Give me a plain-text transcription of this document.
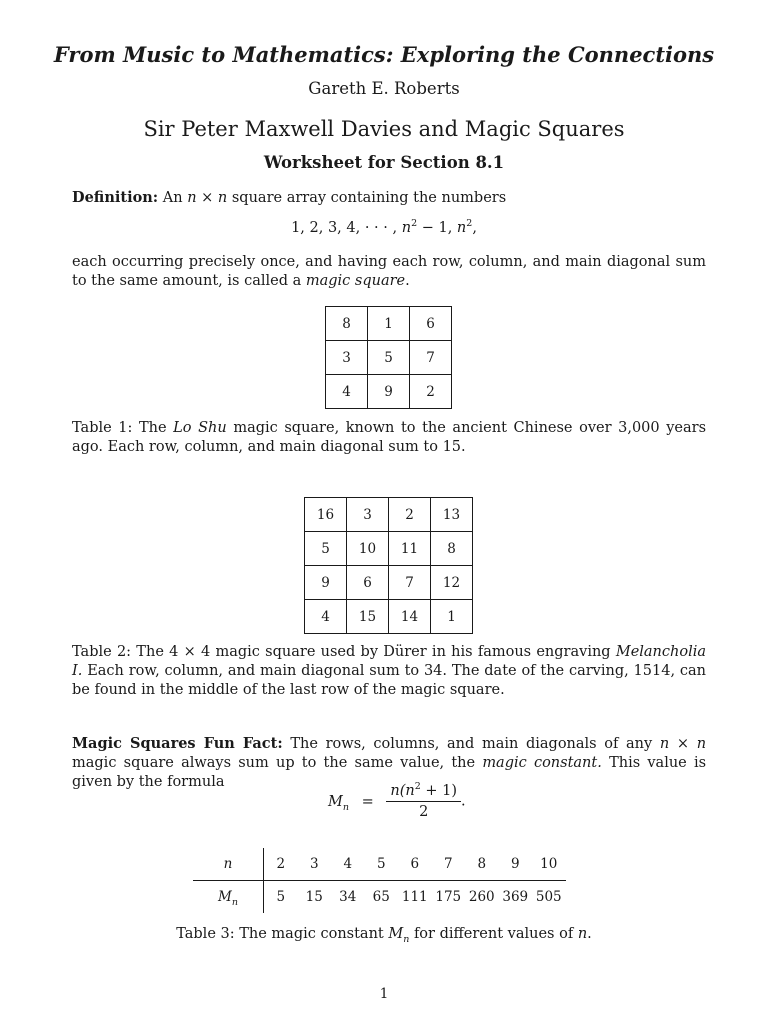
From Music to Mathematics: Exploring the Connections
Gareth E. Roberts
Sir Peter Maxwell Davies and Magic Squares
Worksheet for Section 8.1
Definition: An n × n square array containing the numbers
1, 2, 3, 4, · · · , $n^2 - 1$, $n^2$,
each occurring precisely once, and having each row, column, and main diagonal sum to the same amount, is called a magic square.
8	1	6
3	5	7
4	9	2
Table 1: The Lo Shu magic square, known to the ancient Chinese over 3,000 years ago. Each row, column, and main diagonal sum to 15.
16	3	2	13
5	10	11	8
9	6	7	12
4	15	14	1
Table 2: The 4 × 4 magic square used by Dürer in his famous engraving Melancholia I. Each row, column, and main diagonal sum to 34. The date of the carving, 1514, can be found in the middle of the last row of the magic square.
Magic Squares Fun Fact: The rows, columns, and main diagonals of any n × n magic square always sum up to the same value, the magic constant. This value is given by the formula
$M_n = \frac{n(n^2 + 1)}{2}$ .
n	2	3	4	5	6	7	8	9	10
$M_n$	5	15	34	65	111	175	260	369	505
Table 3: The magic constant $M_n$ for different values of n.
1
